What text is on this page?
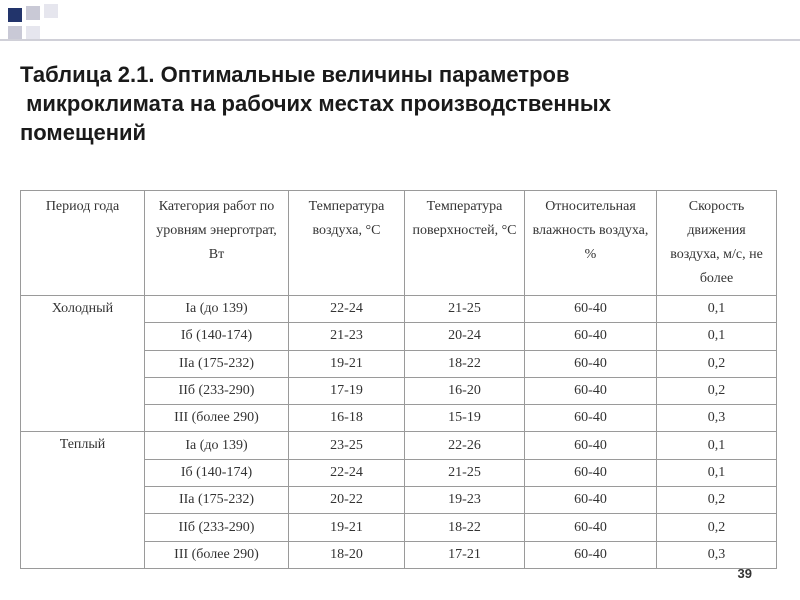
Таблица 2.1. Оптимальные величины параметров
микроклимата на рабочих местах производственных
помещений
Период года	Категория работ по уровням энерготрат, Вт	Температура воздуха, °С	Температура поверхностей, °С	Относительная влажность воздуха, %	Скорость движения воздуха, м/с, не более
Холодный	Iа (до 139)	22-24	21-25	60-40	0,1
	Iб (140-174)	21-23	20-24	60-40	0,1
	IIа (175-232)	19-21	18-22	60-40	0,2
	IIб (233-290)	17-19	16-20	60-40	0,2
	III (более 290)	16-18	15-19	60-40	0,3
Теплый	Iа (до 139)	23-25	22-26	60-40	0,1
	Iб (140-174)	22-24	21-25	60-40	0,1
	IIа (175-232)	20-22	19-23	60-40	0,2
	IIб (233-290)	19-21	18-22	60-40	0,2
	III (более 290)	18-20	17-21	60-40	0,3
39
